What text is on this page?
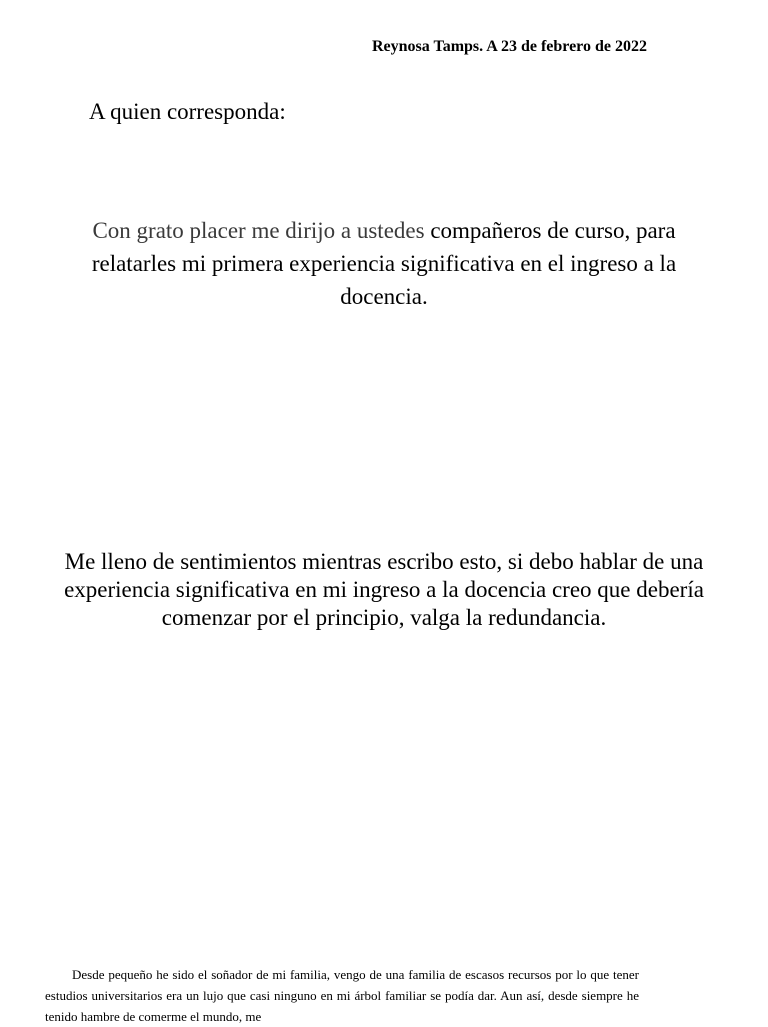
Reynosa Tamps. A 23 de febrero de 2022
A quien corresponda:

Con grato placer me dirijo a ustedes compañeros de curso, para relatarles mi primera experiencia significativa en el ingreso a la docencia.

Me lleno de sentimientos mientras escribo esto, si debo hablar de una experiencia significativa en mi ingreso a la docencia creo que debería comenzar por el principio, valga la redundancia.

Desde pequeño he sido el soñador de mi familia, vengo de una familia de escasos recursos por lo que tener estudios universitarios era un lujo que casi ninguno en mi árbol familiar se podía dar. Aun así, desde siempre he tenido hambre de comerme el mundo, me
